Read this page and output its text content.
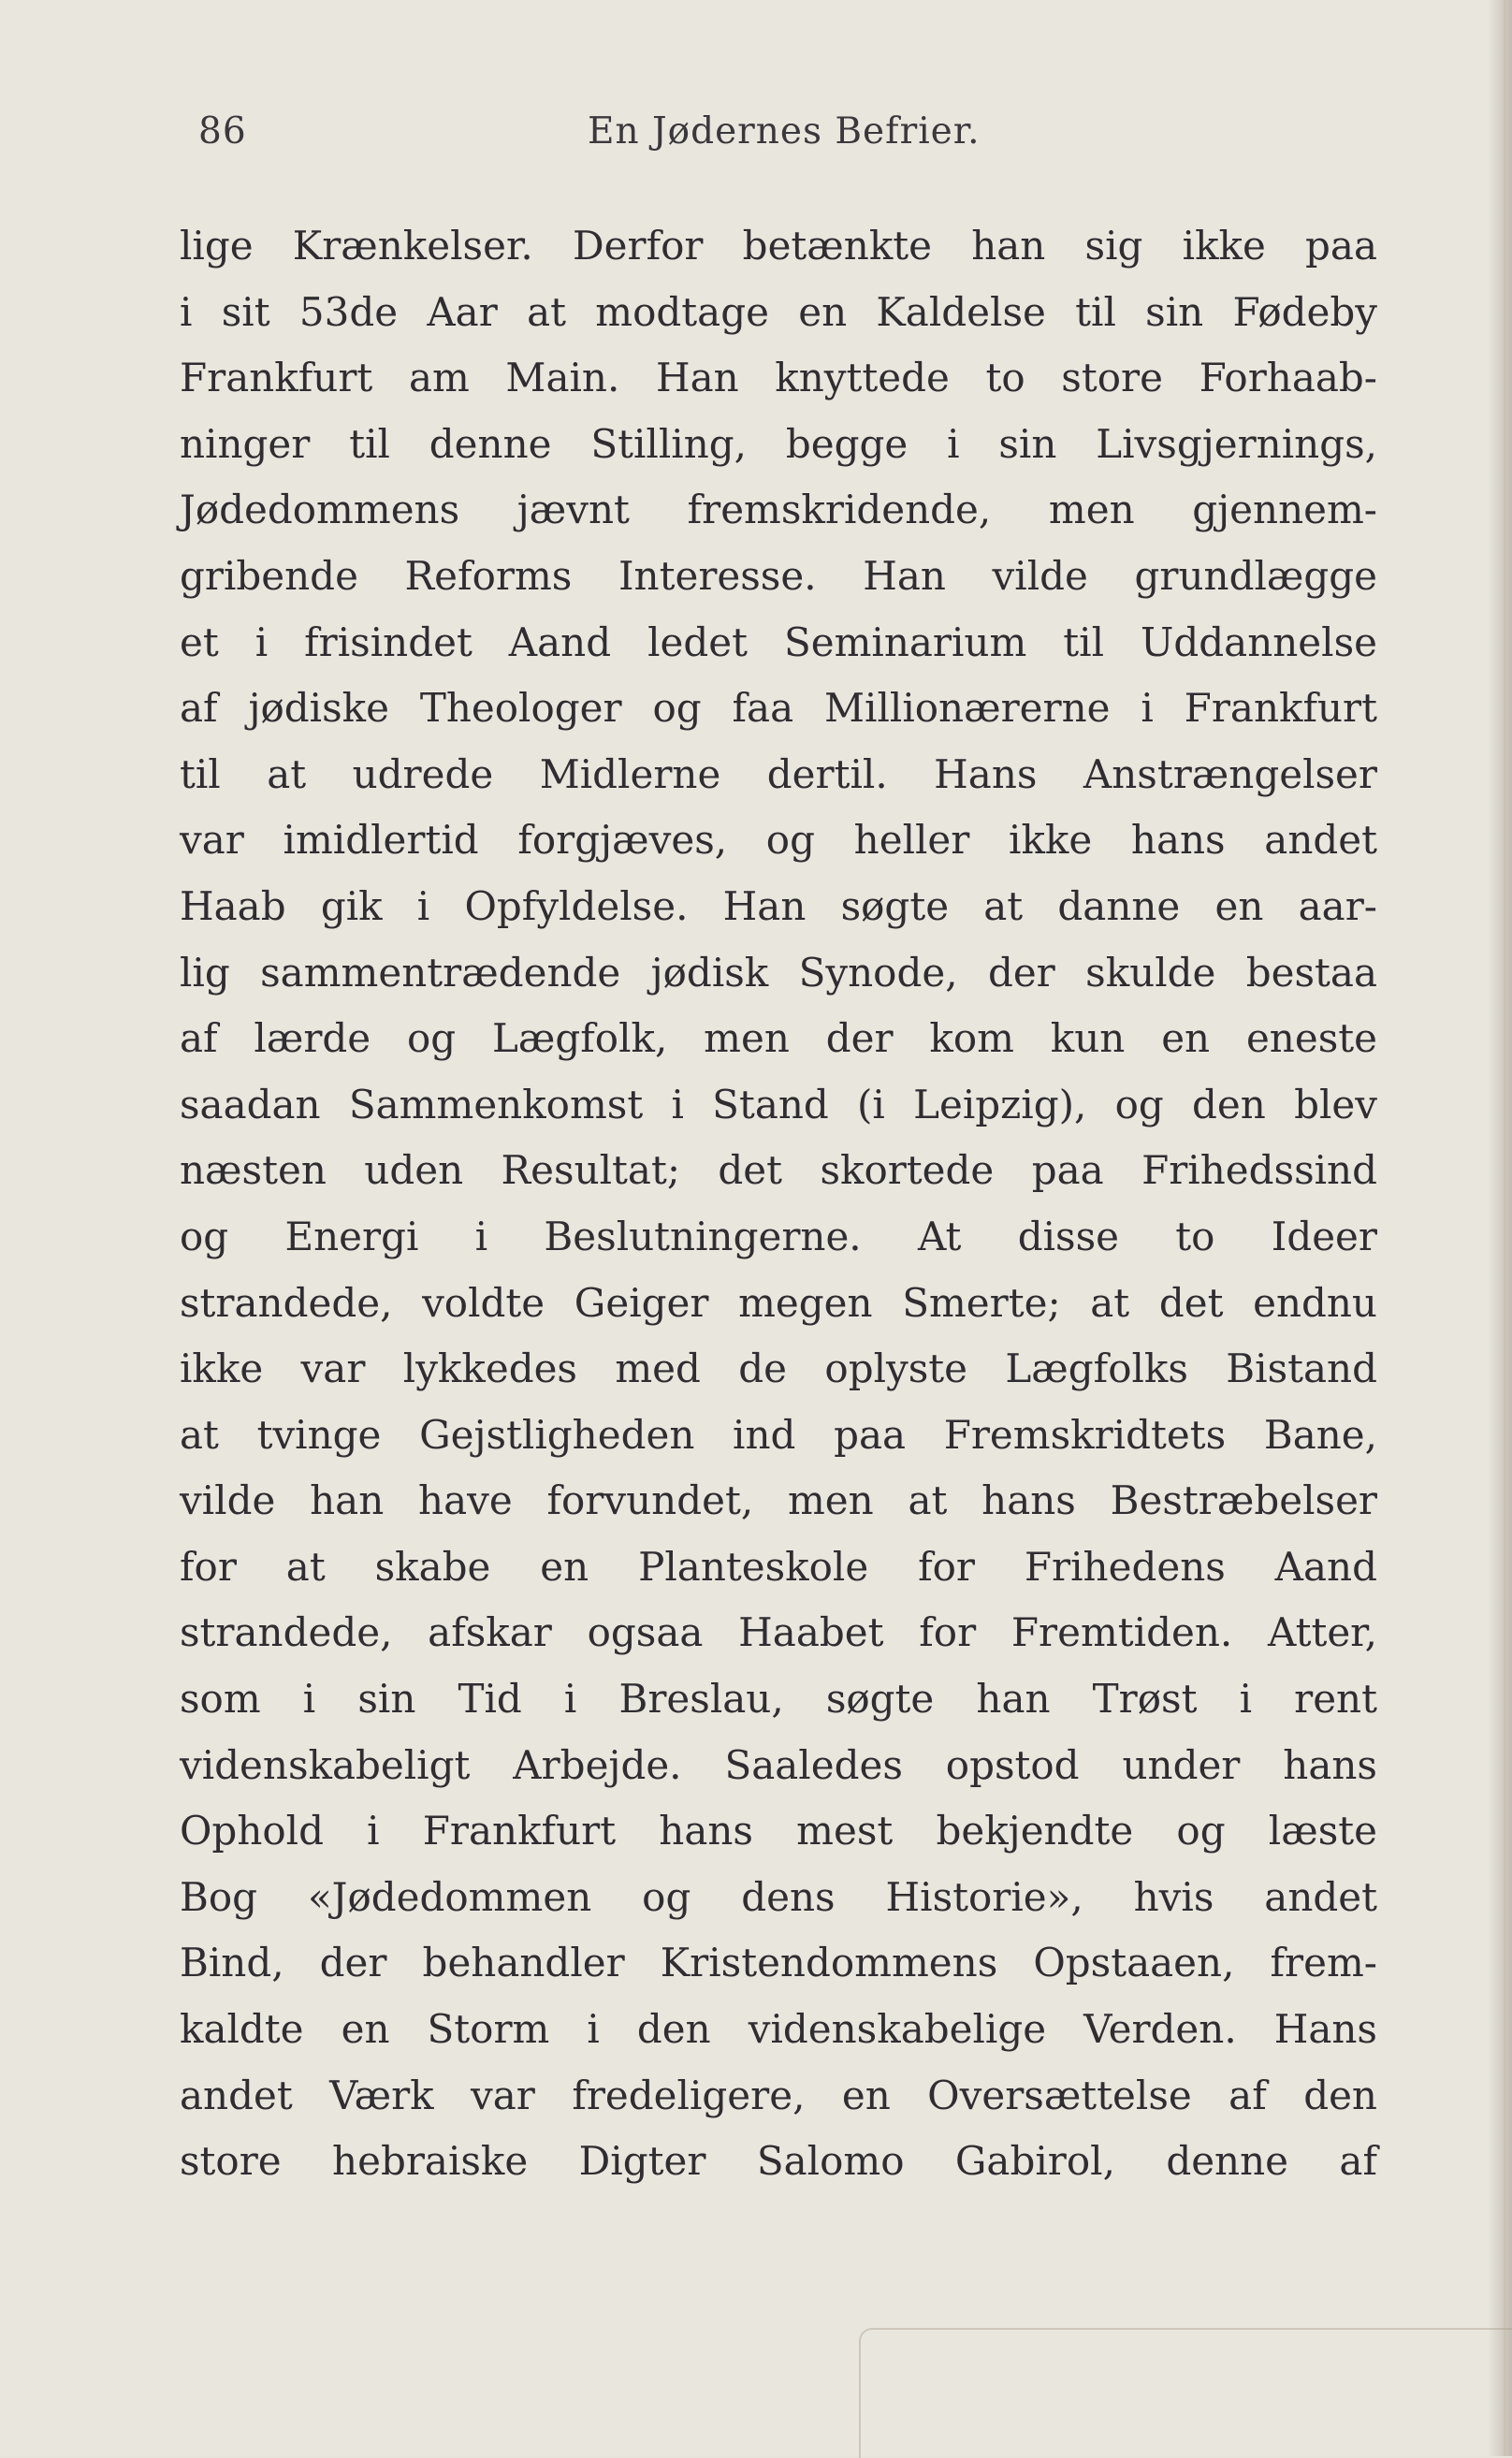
86	En Jødernes Befrier.
lige Krænkelser. Derfor betænkte han sig ikke paa
i sit 53de Aar at modtage en Kaldelse til sin Fødeby
Frankfurt am Main. Han knyttede to store Forhaab-
ninger til denne Stilling, begge i sin Livsgjernings,
Jødedommens jævnt fremskridende, men gjennem-
gribende Reforms Interesse. Han vilde grundlægge
et i frisindet Aand ledet Seminarium til Uddannelse
af jødiske Theologer og faa Millionærerne i Frankfurt
til at udrede Midlerne dertil. Hans Anstrængelser
var imidlertid forgjæves, og heller ikke hans andet
Haab gik i Opfyldelse. Han søgte at danne en aar-
lig sammentrædende jødisk Synode, der skulde bestaa
af lærde og Lægfolk, men der kom kun en eneste
saadan Sammenkomst i Stand (i Leipzig), og den blev
næsten uden Resultat; det skortede paa Frihedssind
og Energi i Beslutningerne. At disse to Ideer
strandede, voldte Geiger megen Smerte; at det endnu
ikke var lykkedes med de oplyste Lægfolks Bistand
at tvinge Gejstligheden ind paa Fremskridtets Bane,
vilde han have forvundet, men at hans Bestræbelser
for at skabe en Planteskole for Frihedens Aand
strandede, afskar ogsaa Haabet for Fremtiden. Atter,
som i sin Tid i Breslau, søgte han Trøst i rent
videnskabeligt Arbejde. Saaledes opstod under hans
Ophold i Frankfurt hans mest bekjendte og læste
Bog «Jødedommen og dens Historie», hvis andet
Bind, der behandler Kristendommens Opstaaen, frem-
kaldte en Storm i den videnskabelige Verden. Hans
andet Værk var fredeligere, en Oversættelse af den
store hebraiske Digter Salomo Gabirol, denne af
